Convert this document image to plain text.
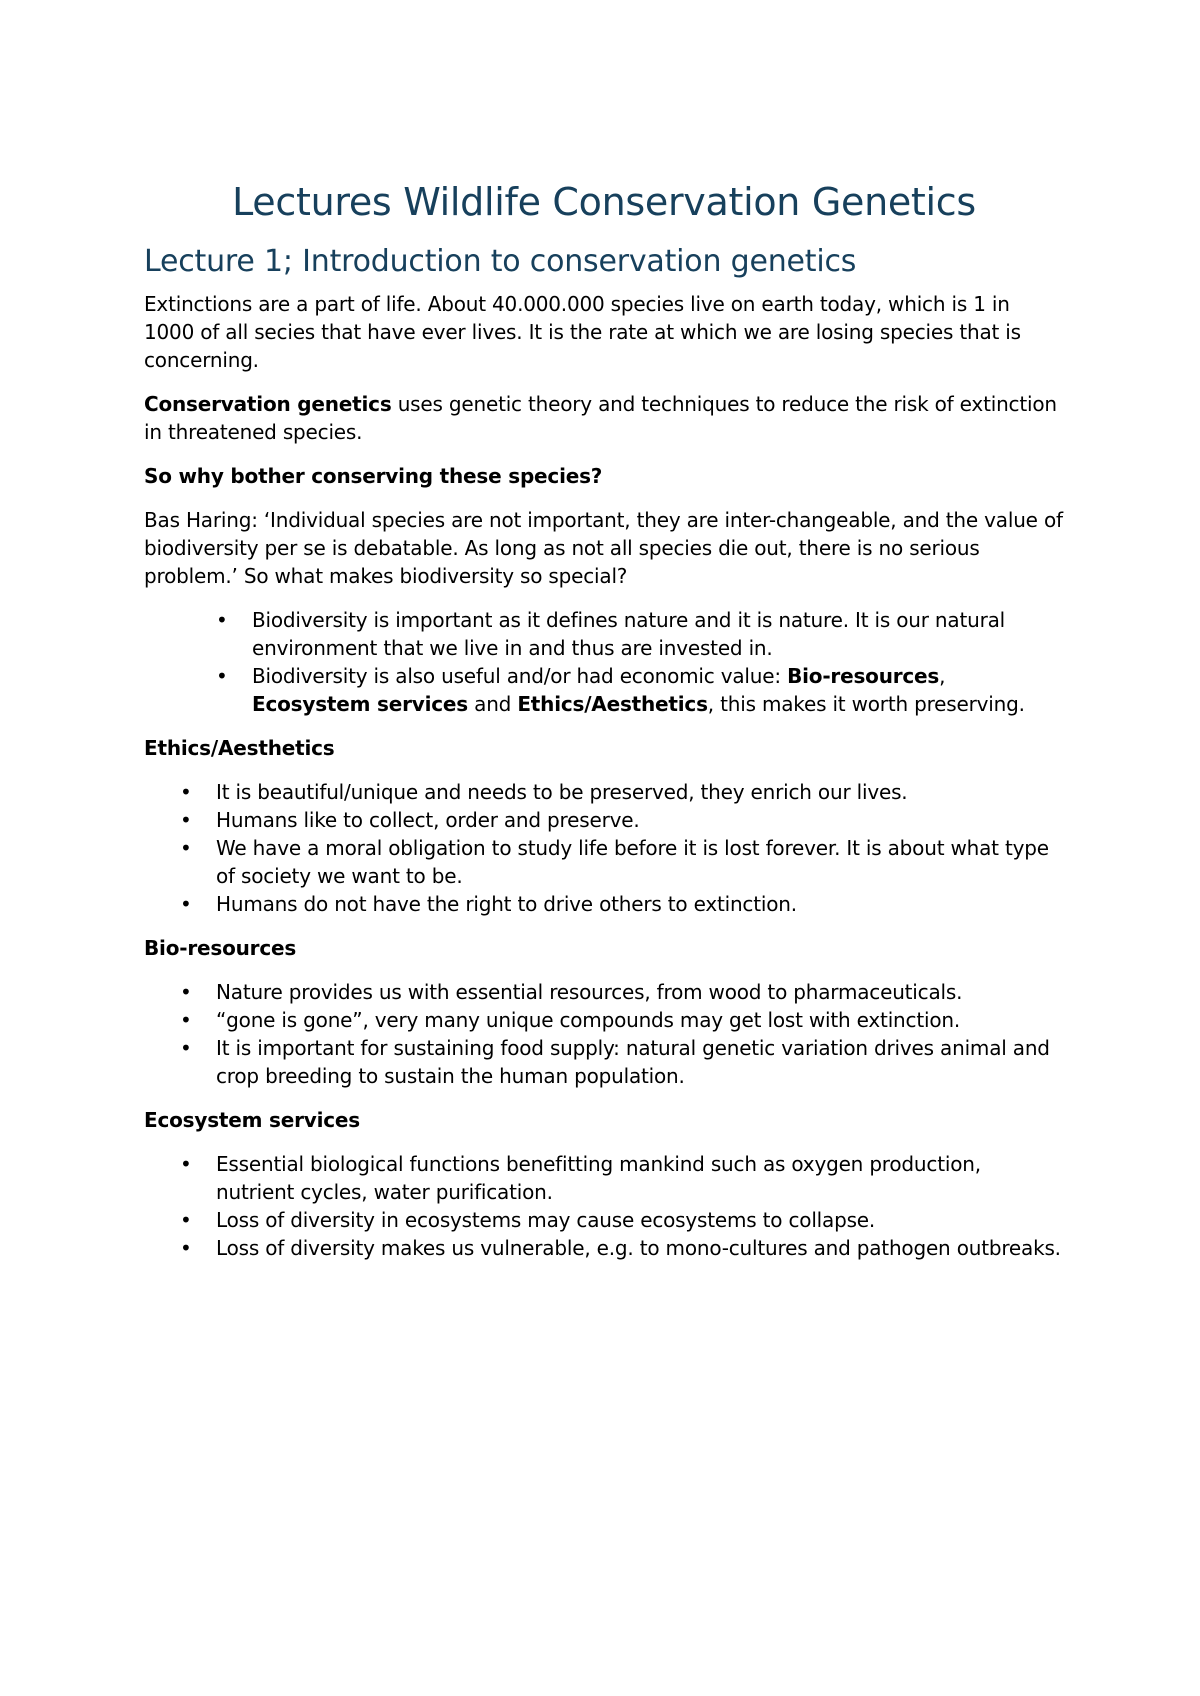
Lectures Wildlife Conservation Genetics
Lecture 1; Introduction to conservation genetics

Extinctions are a part of life. About 40.000.000 species live on earth today, which is 1 in 1000 of all secies that have ever lives. It is the rate at which we are losing species that is concerning.

Conservation genetics uses genetic theory and techniques to reduce the risk of extinction in threatened species.

So why bother conserving these species?

Bas Haring: ‘Individual species are not important, they are inter-changeable, and the value of biodiversity per se is debatable. As long as not all species die out, there is no serious problem.’ So what makes biodiversity so special?

• Biodiversity is important as it defines nature and it is nature. It is our natural environment that we live in and thus are invested in.
• Biodiversity is also useful and/or had economic value: Bio-resources, Ecosystem services and Ethics/Aesthetics, this makes it worth preserving.

Ethics/Aesthetics

• It is beautiful/unique and needs to be preserved, they enrich our lives.
• Humans like to collect, order and preserve.
• We have a moral obligation to study life before it is lost forever. It is about what type of society we want to be.
• Humans do not have the right to drive others to extinction.

Bio-resources

• Nature provides us with essential resources, from wood to pharmaceuticals.
• “gone is gone”, very many unique compounds may get lost with extinction.
• It is important for sustaining food supply: natural genetic variation drives animal and crop breeding to sustain the human population.

Ecosystem services

• Essential biological functions benefitting mankind such as oxygen production, nutrient cycles, water purification.
• Loss of diversity in ecosystems may cause ecosystems to collapse.
• Loss of diversity makes us vulnerable, e.g. to mono-cultures and pathogen outbreaks.
